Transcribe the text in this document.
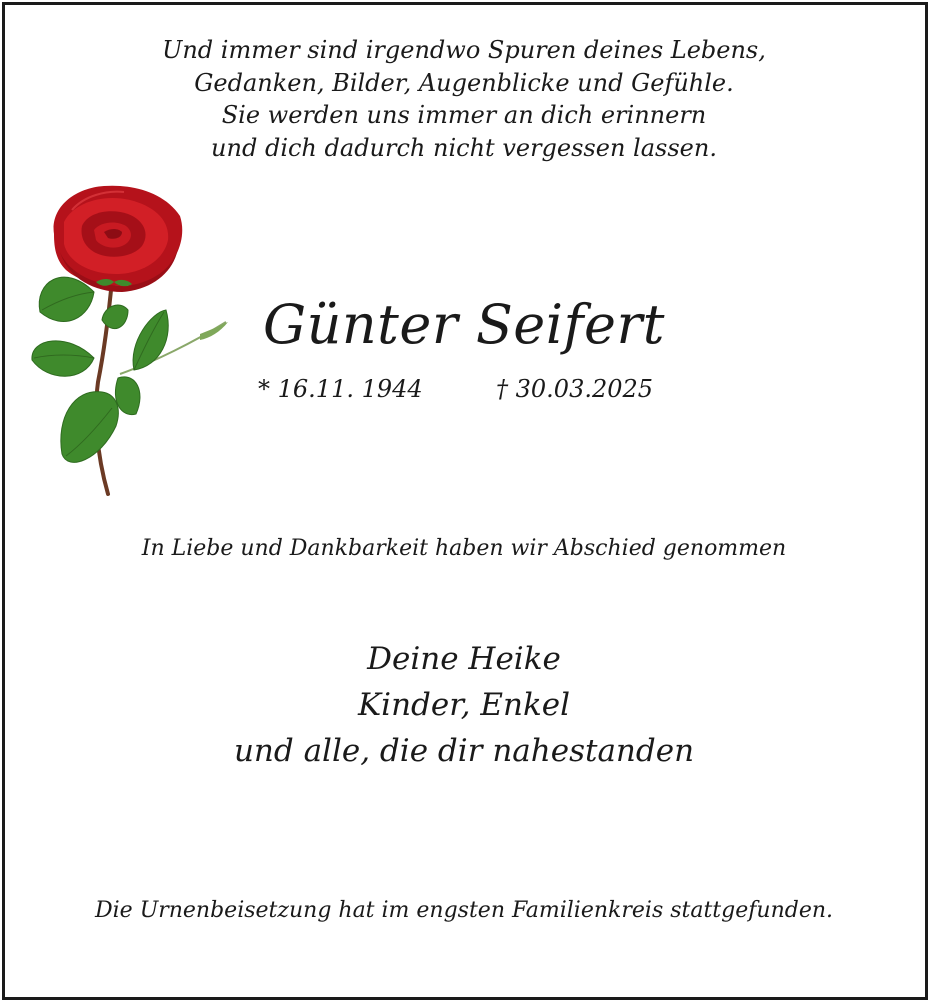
Und immer sind irgendwo Spuren deines Lebens,
Gedanken, Bilder, Augenblicke und Gefühle.
Sie werden uns immer an dich erinnern
und dich dadurch nicht vergessen lassen.
Günter Seifert
* 16.11. 1944	† 30.03.2025
In Liebe und Dankbarkeit haben wir Abschied genommen
Deine Heike
Kinder, Enkel
und alle, die dir nahestanden
Die Urnenbeisetzung hat im engsten Familienkreis stattgefunden.
